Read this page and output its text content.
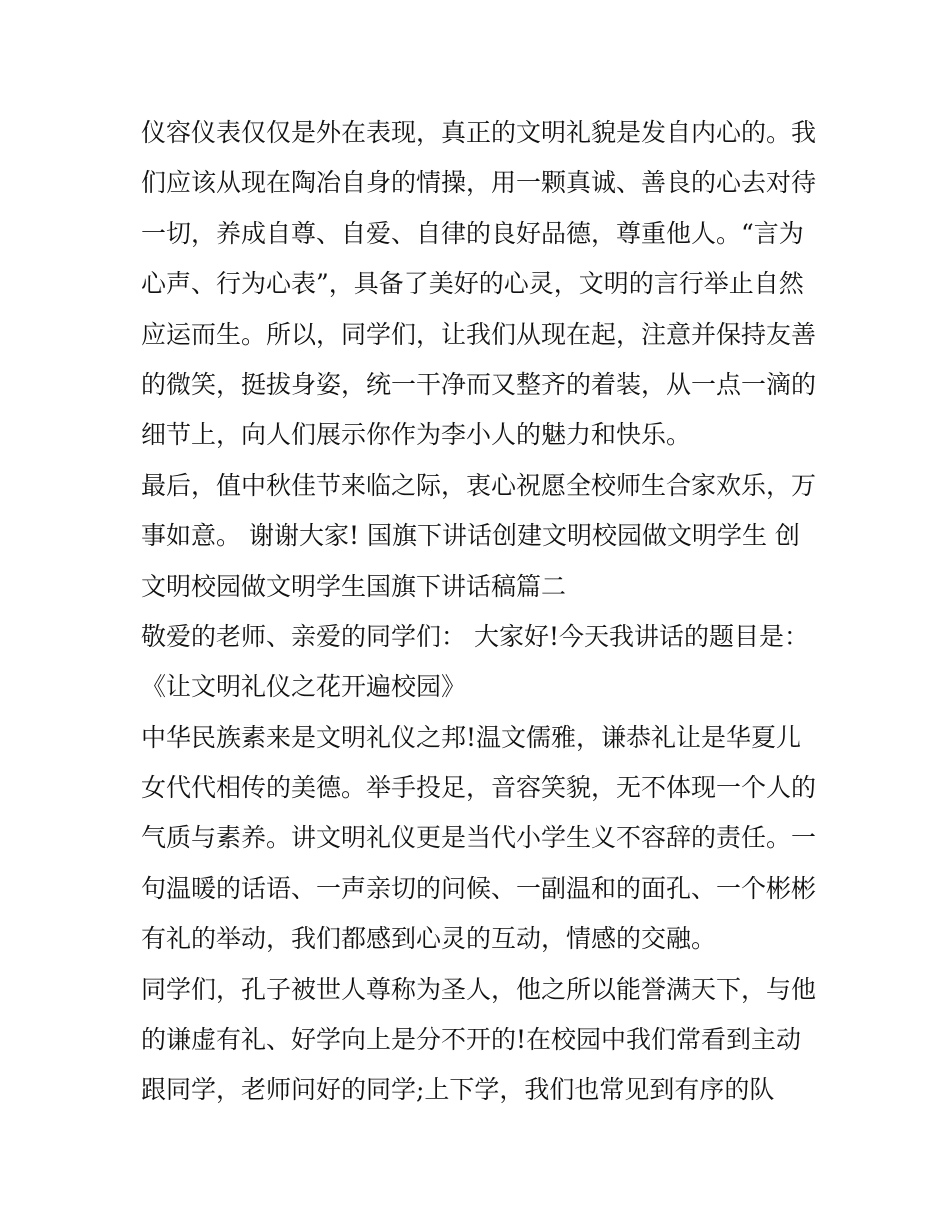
仪容仪表仅仅是外在表现，真正的文明礼貌是发自内心的。我
们应该从现在陶冶自身的情操，用一颗真诚、善良的心去对待
一切，养成自尊、自爱、自律的良好品德，尊重他人。“言为
心声、行为心表”，具备了美好的心灵，文明的言行举止自然
应运而生。所以，同学们，让我们从现在起，注意并保持友善
的微笑，挺拔身姿，统一干净而又整齐的着装，从一点一滴的
细节上，向人们展示你作为李小人的魅力和快乐。
最后，值中秋佳节来临之际，衷心祝愿全校师生合家欢乐，万
事如意。 谢谢大家! 国旗下讲话创建文明校园做文明学生 创
文明校园做文明学生国旗下讲话稿篇二
敬爱的老师、亲爱的同学们： 大家好!今天我讲话的题目是：
《让文明礼仪之花开遍校园》
中华民族素来是文明礼仪之邦!温文儒雅，谦恭礼让是华夏儿
女代代相传的美德。举手投足，音容笑貌，无不体现一个人的
气质与素养。讲文明礼仪更是当代小学生义不容辞的责任。一
句温暖的话语、一声亲切的问候、一副温和的面孔、一个彬彬
有礼的举动，我们都感到心灵的互动，情感的交融。
同学们，孔子被世人尊称为圣人，他之所以能誉满天下，与他
的谦虚有礼、好学向上是分不开的!在校园中我们常看到主动
跟同学，老师问好的同学;上下学，我们也常见到有序的队
